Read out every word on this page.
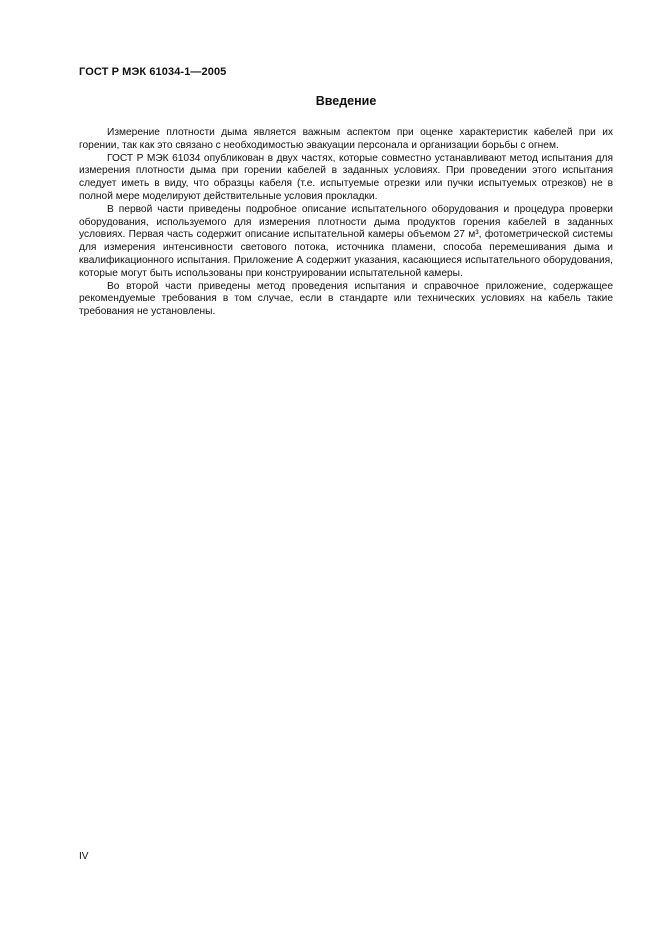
ГОСТ Р МЭК 61034-1—2005
Введение

Измерение плотности дыма является важным аспектом при оценке характеристик кабелей при их горении, так как это связано с необходимостью эвакуации персонала и организации борьбы с огнем.

ГОСТ Р МЭК 61034 опубликован в двух частях, которые совместно устанавливают метод испытания для измерения плотности дыма при горении кабелей в заданных условиях. При проведении этого испытания следует иметь в виду, что образцы кабеля (т.е. испытуемые отрезки или пучки испытуемых отрезков) не в полной мере моделируют действительные условия прокладки.

В первой части приведены подробное описание испытательного оборудования и процедура проверки оборудования, используемого для измерения плотности дыма продуктов горения кабелей в заданных условиях. Первая часть содержит описание испытательной камеры объемом 27 м³, фотометрической системы для измерения интенсивности светового потока, источника пламени, способа перемешивания дыма и квалификационного испытания. Приложение А содержит указания, касающиеся испытательного оборудования, которые могут быть использованы при конструировании испытательной камеры.

Во второй части приведены метод проведения испытания и справочное приложение, содержащее рекомендуемые требования в том случае, если в стандарте или технических условиях на кабель такие требования не установлены.

IV
